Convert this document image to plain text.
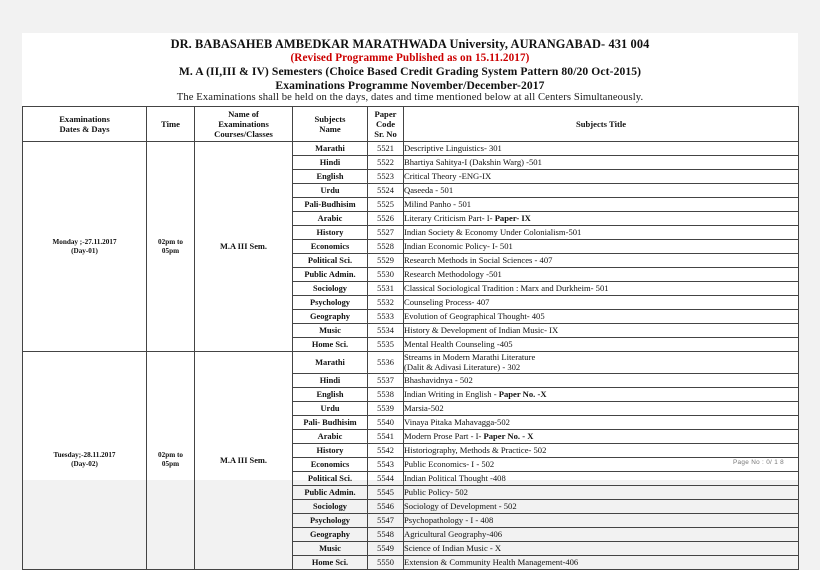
DR. BABASAHEB AMBEDKAR MARATHWADA University, AURANGABAD- 431 004
(Revised Programme Published as on 15.11.2017)
M. A (II,III & IV) Semesters (Choice Based Credit Grading System Pattern 80/20 Oct-2015)
Examinations Programme November/December-2017
The Examinations shall be held on the days, dates and time mentioned below at all Centers Simultaneously.
Examinations
Dates & Days	Time	Name of
Examinations
Courses/Classes	Subjects
Name	Paper
Code
Sr. No	Subjects Title
Monday ;-27.11.2017
(Day-01)	02pm to
05pm	M.A III Sem.	Marathi	5521	Descriptive Linguistics- 301
			Hindi	5522	Bhartiya Sahitya-I (Dakshin Warg) -501
			English	5523	Critical Theory -ENG-IX
			Urdu	5524	Qaseeda - 501
			Pali-Budhisim	5525	Milind Panho - 501
			Arabic	5526	Literary Criticism Part- I- Paper- IX
			History	5527	Indian Society & Economy Under Colonialism-501
			Economics	5528	Indian Economic Policy- I- 501
			Political Sci.	5529	Research Methods in Social Sciences - 407
			Public Admin.	5530	Research Methodology -501
			Sociology	5531	Classical Sociological Tradition : Marx and Durkheim- 501
			Psychology	5532	Counseling Process- 407
			Geography	5533	Evolution of Geographical Thought- 405
			Music	5534	History & Development of Indian Music- IX
			Home Sci.	5535	Mental Health Counseling -405
Tuesday;-28.11.2017
(Day-02)	02pm to
05pm	M.A III Sem.	Marathi	5536	Streams in Modern Marathi Literature
(Dalit & Adivasi Literature) - 302
			Hindi	5537	Bhashavidnya - 502
			English	5538	Indian Writing in English - Paper No. -X
			Urdu	5539	Marsia-502
			Pali- Budhisim	5540	Vinaya Pitaka Mahavagga-502
			Arabic	5541	Modern Prose Part - I- Paper No. - X
			History	5542	Historiography, Methods & Practice- 502
			Economics	5543	Public Economics- I - 502
			Political Sci.	5544	Indian Political Thought -408
			Public Admin.	5545	Public Policy- 502
			Sociology	5546	Sociology of Development - 502
			Psychology	5547	Psychopathology - I - 408
			Geography	5548	Agricultural Geography-406
			Music	5549	Science of Indian Music - X
			Home Sci.	5550	Extension & Community Health Management-406
Page No : 0/ 1 8
